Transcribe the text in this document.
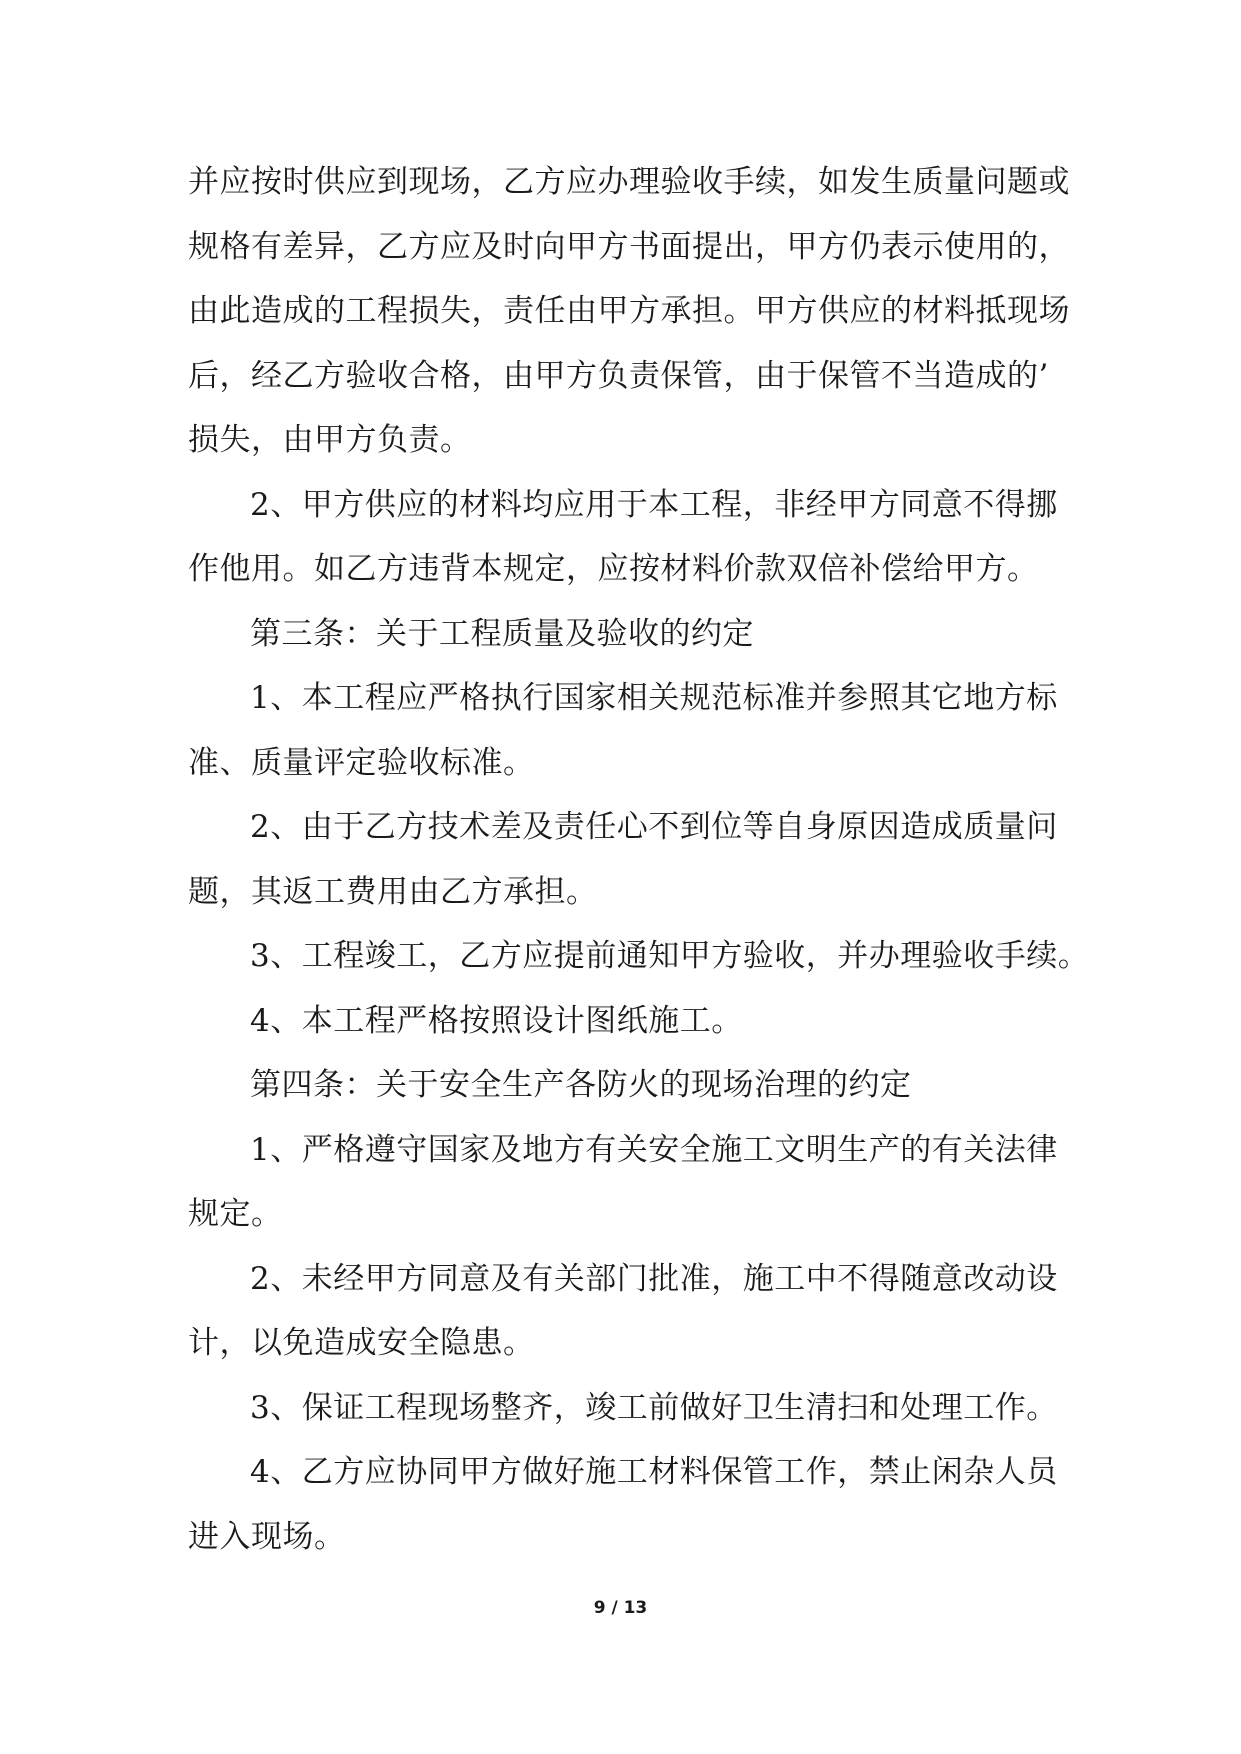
并应按时供应到现场，乙方应办理验收手续，如发生质量问题或
规格有差异，乙方应及时向甲方书面提出，甲方仍表示使用的，
由此造成的工程损失，责任由甲方承担。甲方供应的材料抵现场
后，经乙方验收合格，由甲方负责保管，由于保管不当造成的’
损失，由甲方负责。
2、甲方供应的材料均应用于本工程，非经甲方同意不得挪
作他用。如乙方违背本规定，应按材料价款双倍补偿给甲方。
第三条：关于工程质量及验收的约定
1、本工程应严格执行国家相关规范标准并参照其它地方标
准、质量评定验收标准。
2、由于乙方技术差及责任心不到位等自身原因造成质量问
题，其返工费用由乙方承担。
3、工程竣工，乙方应提前通知甲方验收，并办理验收手续。
4、本工程严格按照设计图纸施工。
第四条：关于安全生产各防火的现场治理的约定
1、严格遵守国家及地方有关安全施工文明生产的有关法律
规定。
2、未经甲方同意及有关部门批准，施工中不得随意改动设
计，以免造成安全隐患。
3、保证工程现场整齐，竣工前做好卫生清扫和处理工作。
4、乙方应协同甲方做好施工材料保管工作，禁止闲杂人员
进入现场。
9 / 13
